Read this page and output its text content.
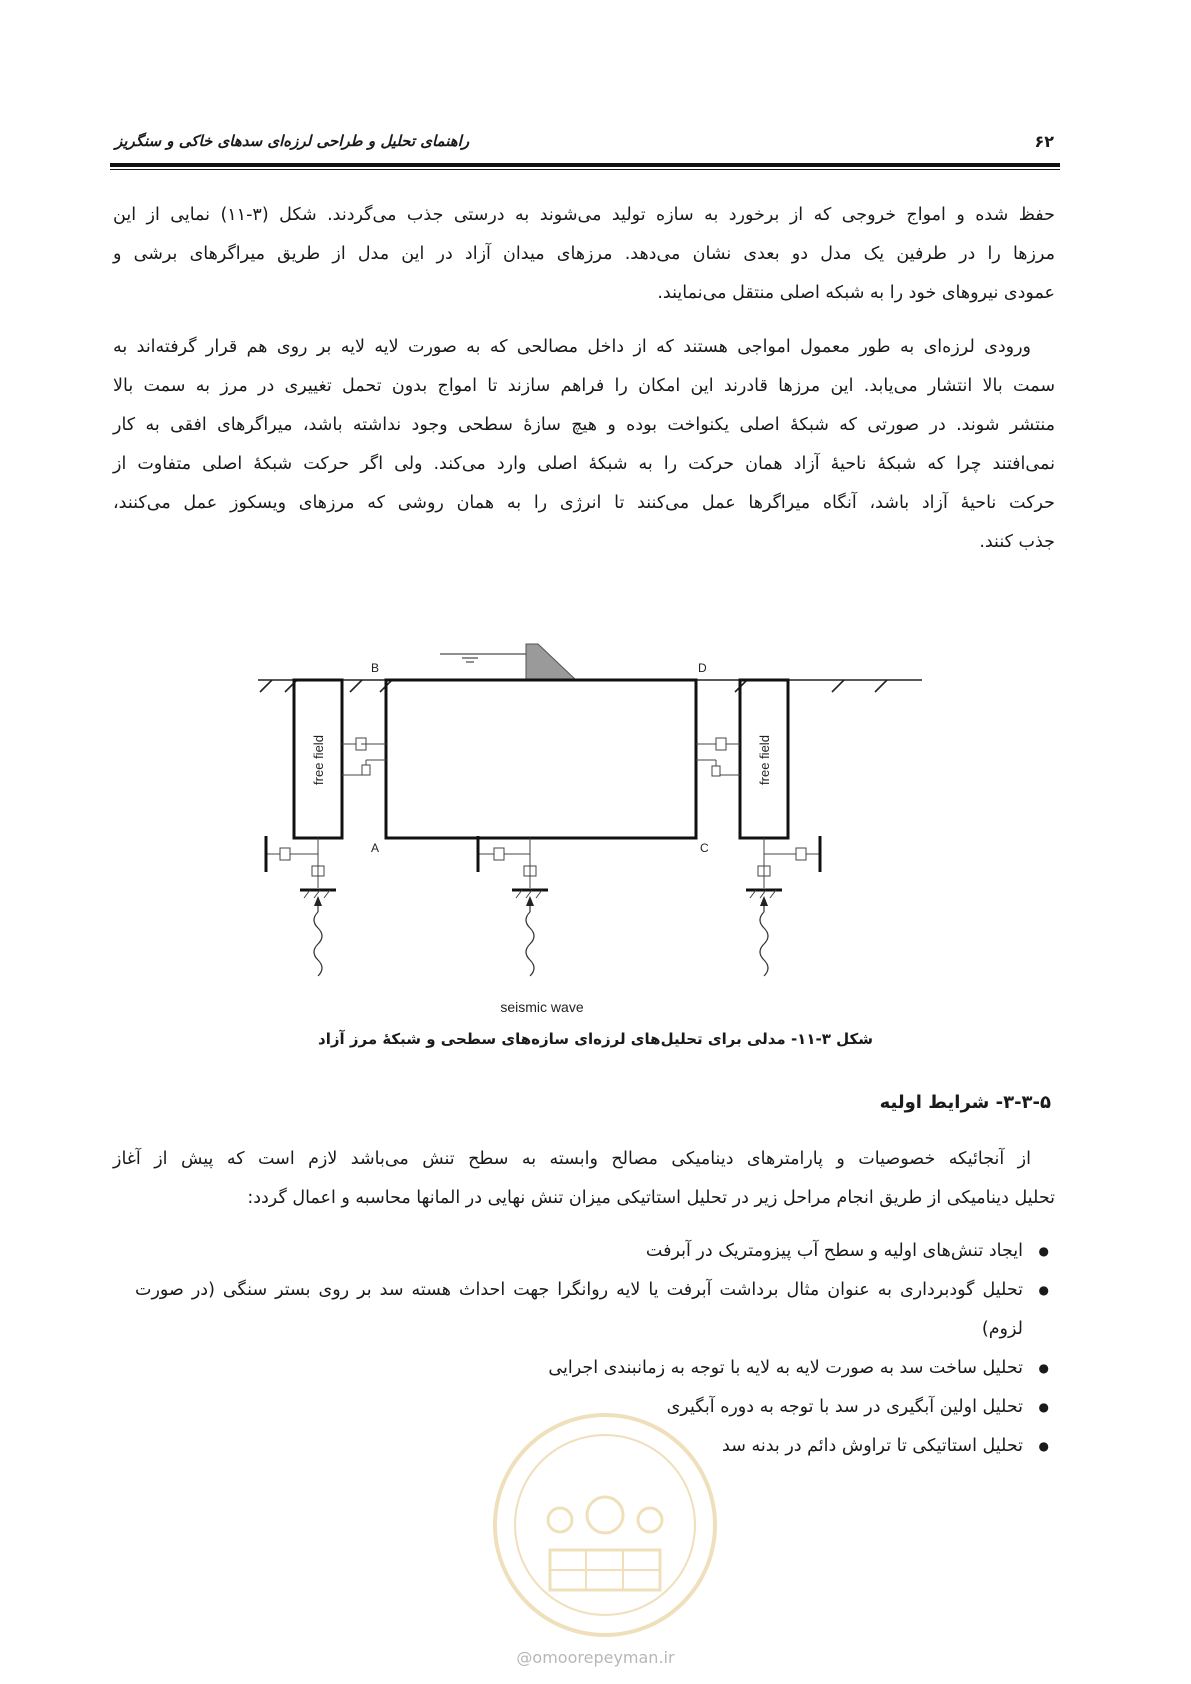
راهنمای تحلیل و طراحی لرزه‌ای سدهای خاکی و سنگریز	۶۲
حفظ شده و امواج خروجی که از برخورد به سازه تولید می‌شوند به درستی جذب می‌گردند. شکل (۳-۱۱) نمایی از این
مرزها را در طرفین یک مدل دو بعدی نشان می‌دهد. مرزهای میدان آزاد در این مدل از طریق میراگرهای برشی و
عمودی نیروهای خود را به شبکه اصلی منتقل می‌نمایند.
ورودی لرزه‌ای به طور معمول امواجی هستند که از داخل مصالحی که به صورت لایه لایه بر روی هم قرار گرفته‌اند به
سمت بالا انتشار می‌یابد. این مرزها قادرند این امکان را فراهم سازند تا امواج بدون تحمل تغییری در مرز به سمت بالا
منتشر شوند. در صورتی که شبکهٔ اصلی یکنواخت بوده و هیچ سازهٔ سطحی وجود نداشته باشد، میراگرهای افقی به کار
نمی‌افتند چرا که شبکهٔ ناحیهٔ آزاد همان حرکت را به شبکهٔ اصلی وارد می‌کند. ولی اگر حرکت شبکهٔ اصلی متفاوت از
حرکت ناحیهٔ آزاد باشد، آنگاه میراگرها عمل می‌کنند تا انرژی را به همان روشی که مرزهای ویسکوز عمل می‌کنند،
جذب کنند.
B	D
A	C
free field	free field
seismic wave
شکل ۳-۱۱- مدلی برای تحلیل‌های لرزه‌ای سازه‌های سطحی و شبکهٔ مرز آزاد
۳-۳-۵- شرایط اولیه
از آنجائیکه خصوصیات و پارامترهای دینامیکی مصالح وابسته به سطح تنش می‌باشد لازم است که پیش از آغاز
تحلیل دینامیکی از طریق انجام مراحل زیر در تحلیل استاتیکی میزان تنش نهایی در المانها محاسبه و اعمال گردد:
● ایجاد تنش‌های اولیه و سطح آب پیزومتریک در آبرفت
● تحلیل گودبرداری به عنوان مثال برداشت آبرفت یا لایه روانگرا جهت احداث هسته سد بر روی بستر سنگی (در صورت لزوم)
● تحلیل ساخت سد به صورت لایه به لایه با توجه به زمانبندی اجرایی
● تحلیل اولین آبگیری در سد با توجه به دوره آبگیری
● تحلیل استاتیکی تا تراوش دائم در بدنه سد
@omoorepeyman.ir
